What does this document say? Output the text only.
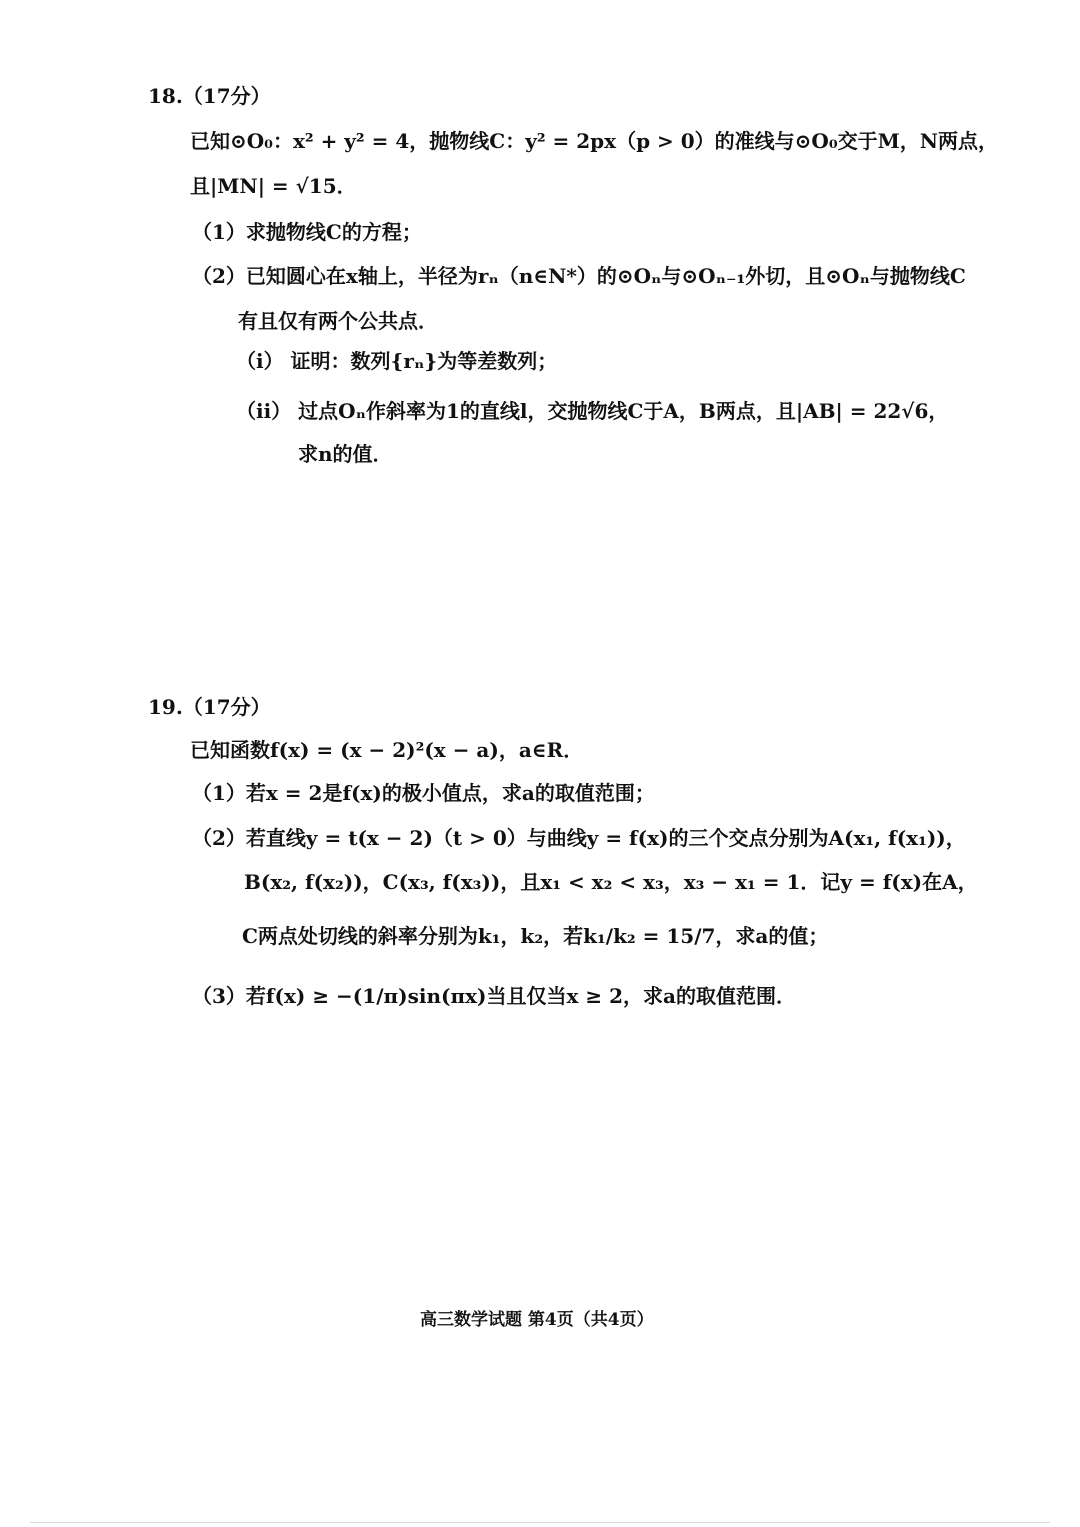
18.（17分）
已知⊙O₀：x² + y² = 4，抛物线C：y² = 2px（p > 0）的准线与⊙O₀交于M，N两点，
且|MN| = √15．
（1）求抛物线C的方程；
（2）已知圆心在x轴上，半径为rₙ（n∈N*）的⊙Oₙ与⊙Oₙ₋₁外切，且⊙Oₙ与抛物线C
有且仅有两个公共点．
（ⅰ） 证明：数列{rₙ}为等差数列；
（ⅱ） 过点Oₙ作斜率为1的直线l，交抛物线C于A，B两点，且|AB| = 22√6，
求n的值．
19.（17分）
已知函数f(x) = (x − 2)²(x − a)，a∈R．
（1）若x = 2是f(x)的极小值点，求a的取值范围；
（2）若直线y = t(x − 2)（t > 0）与曲线y = f(x)的三个交点分别为A(x₁, f(x₁))，
B(x₂, f(x₂))，C(x₃, f(x₃))，且x₁ < x₂ < x₃，x₃ − x₁ = 1．记y = f(x)在A，
C两点处切线的斜率分别为k₁，k₂，若k₁/k₂ = 15/7，求a的值；
（3）若f(x) ≥ −(1/π)sin(πx)当且仅当x ≥ 2，求a的取值范围．
高三数学试题 第4页（共4页）
